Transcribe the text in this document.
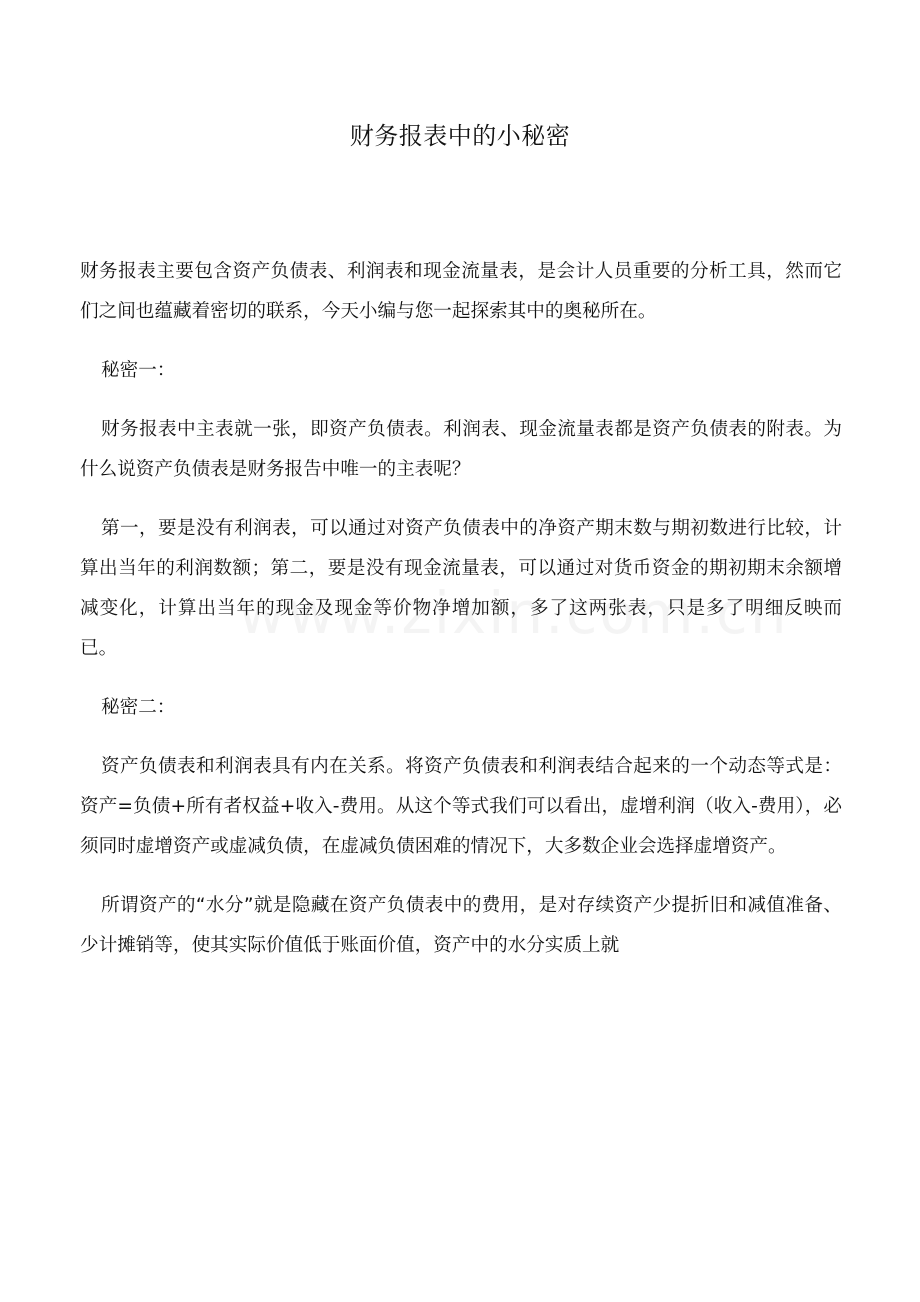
财务报表中的小秘密

财务报表主要包含资产负债表、利润表和现金流量表，是会计人员重要的分析工具，然而它们之间也蕴藏着密切的联系，今天小编与您一起探索其中的奥秘所在。

秘密一：

财务报表中主表就一张，即资产负债表。利润表、现金流量表都是资产负债表的附表。为什么说资产负债表是财务报告中唯一的主表呢？

第一，要是没有利润表，可以通过对资产负债表中的净资产期末数与期初数进行比较，计算出当年的利润数额；第二，要是没有现金流量表，可以通过对货币资金的期初期末余额增减变化，计算出当年的现金及现金等价物净增加额，多了这两张表，只是多了明细反映而已。

秘密二：

资产负债表和利润表具有内在关系。将资产负债表和利润表结合起来的一个动态等式是：资产=负债+所有者权益+收入-费用。从这个等式我们可以看出，虚增利润（收入-费用），必须同时虚增资产或虚减负债，在虚减负债困难的情况下，大多数企业会选择虚增资产。

所谓资产的“水分”就是隐藏在资产负债表中的费用，是对存续资产少提折旧和减值准备、少计摊销等，使其实际价值低于账面价值，资产中的水分实质上就
